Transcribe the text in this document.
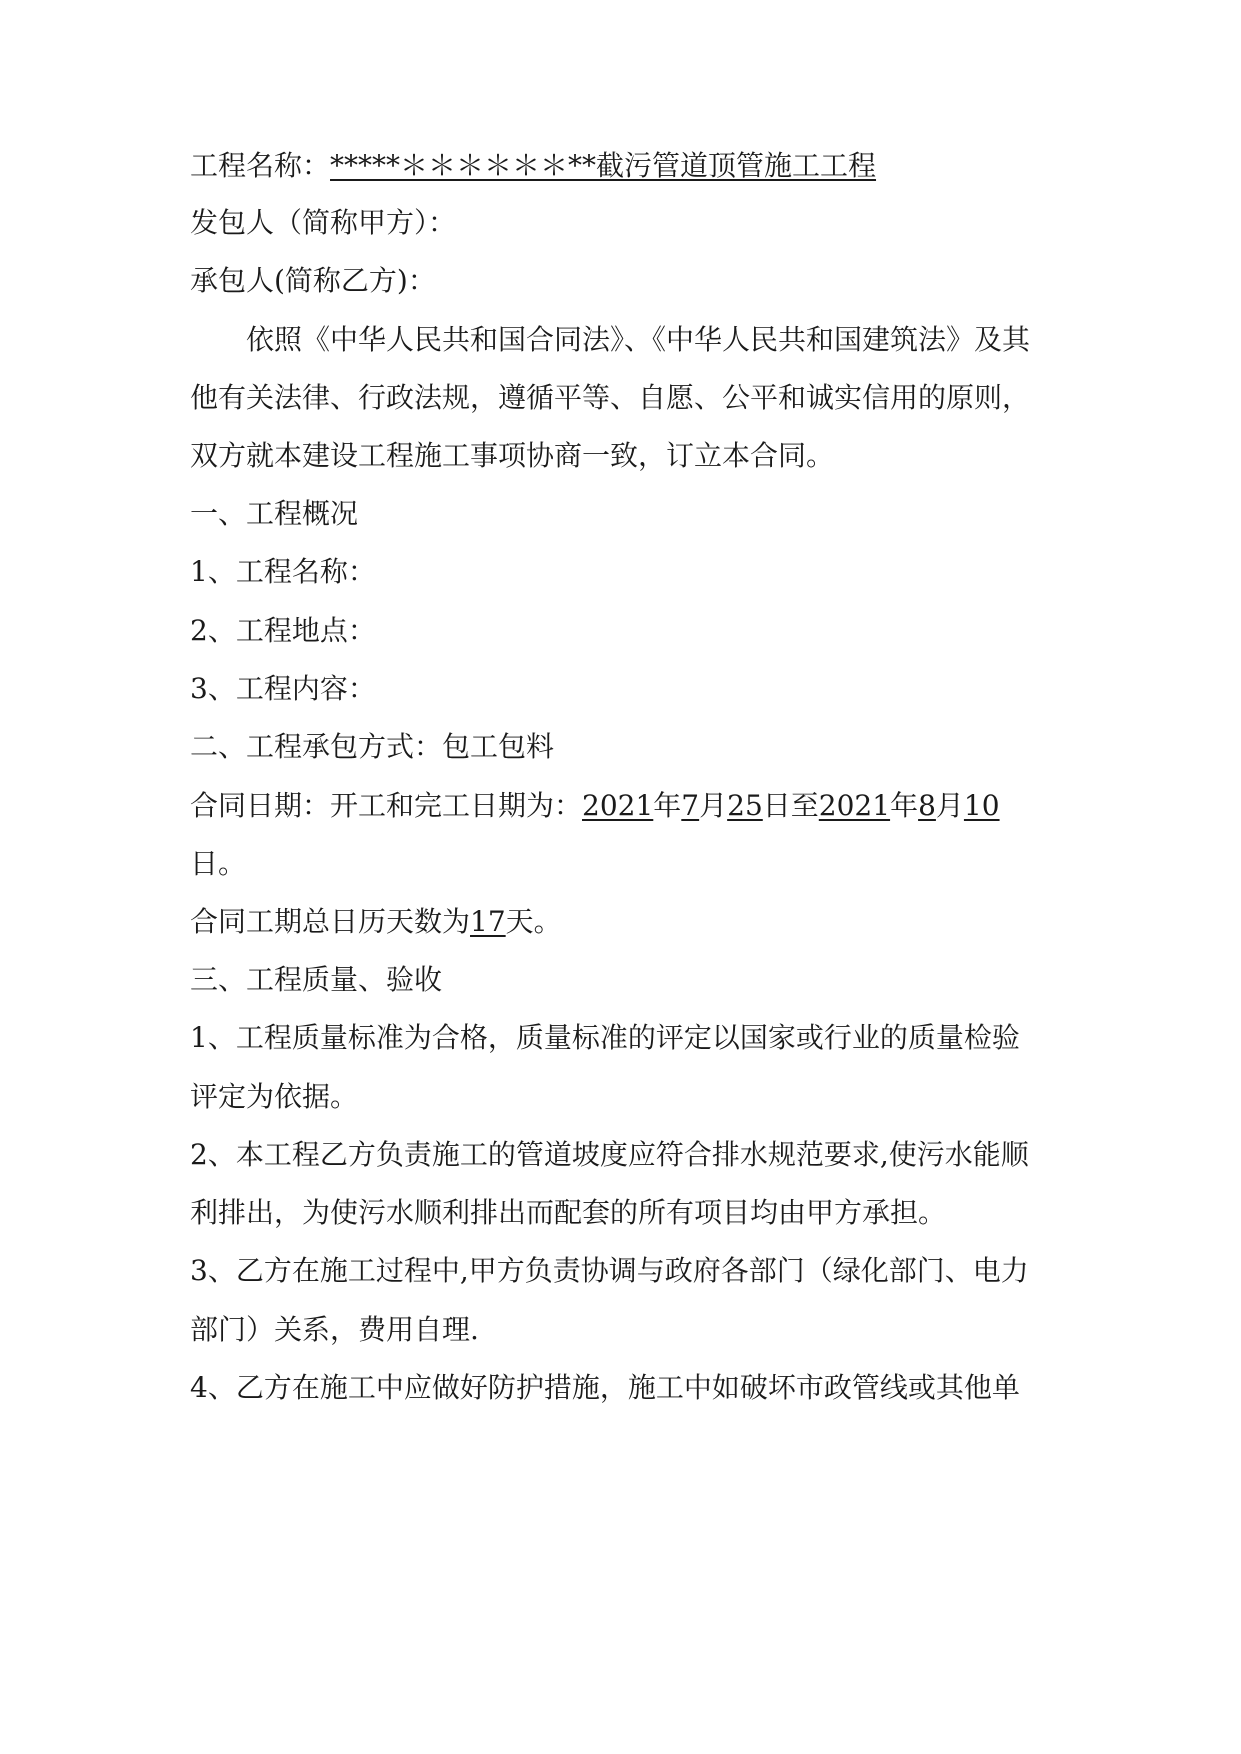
工程名称：*****＊＊＊＊＊＊**截污管道顶管施工工程
发包人（简称甲方）：
承包人(简称乙方)：
依照《中华人民共和国合同法》、《中华人民共和国建筑法》及其
他有关法律、行政法规，遵循平等、自愿、公平和诚实信用的原则，
双方就本建设工程施工事项协商一致，订立本合同。
一、工程概况
1、工程名称：
2、工程地点：
3、工程内容：
二、工程承包方式：包工包料
合同日期：开工和完工日期为：2021年7月25日至2021年8月10
日。
合同工期总日历天数为17天。
三、工程质量、验收
1、工程质量标准为合格，质量标准的评定以国家或行业的质量检验
评定为依据。
2、本工程乙方负责施工的管道坡度应符合排水规范要求,使污水能顺
利排出，为使污水顺利排出而配套的所有项目均由甲方承担。
3、乙方在施工过程中,甲方负责协调与政府各部门（绿化部门、电力
部门）关系，费用自理.
4、乙方在施工中应做好防护措施，施工中如破坏市政管线或其他单
